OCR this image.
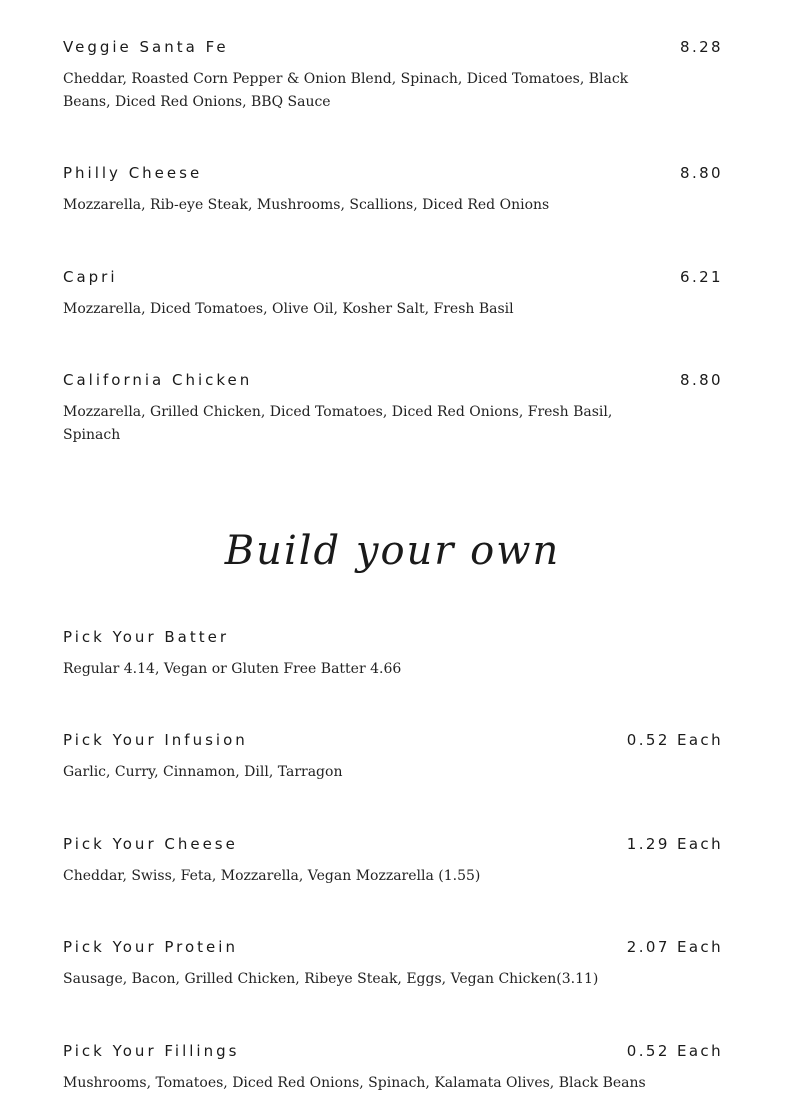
Veggie Santa Fe	8.28
Cheddar, Roasted Corn Pepper & Onion Blend, Spinach, Diced Tomatoes, Black Beans, Diced Red Onions, BBQ Sauce
Philly Cheese	8.80
Mozzarella, Rib-eye Steak, Mushrooms, Scallions, Diced Red Onions
Capri	6.21
Mozzarella, Diced Tomatoes, Olive Oil, Kosher Salt, Fresh Basil
California Chicken	8.80
Mozzarella, Grilled Chicken, Diced Tomatoes, Diced Red Onions, Fresh Basil, Spinach
Pick Your Batter
Regular 4.14, Vegan or Gluten Free Batter 4.66
Pick Your Infusion	0.52 Each
Garlic, Curry, Cinnamon, Dill, Tarragon
Pick Your Cheese	1.29 Each
Cheddar, Swiss, Feta, Mozzarella, Vegan Mozzarella (1.55)
Pick Your Protein	2.07 Each
Sausage, Bacon, Grilled Chicken, Ribeye Steak, Eggs, Vegan Chicken(3.11)
Pick Your Fillings	0.52 Each
Mushrooms, Tomatoes, Diced Red Onions, Spinach, Kalamata Olives, Black Beans
Build your own
